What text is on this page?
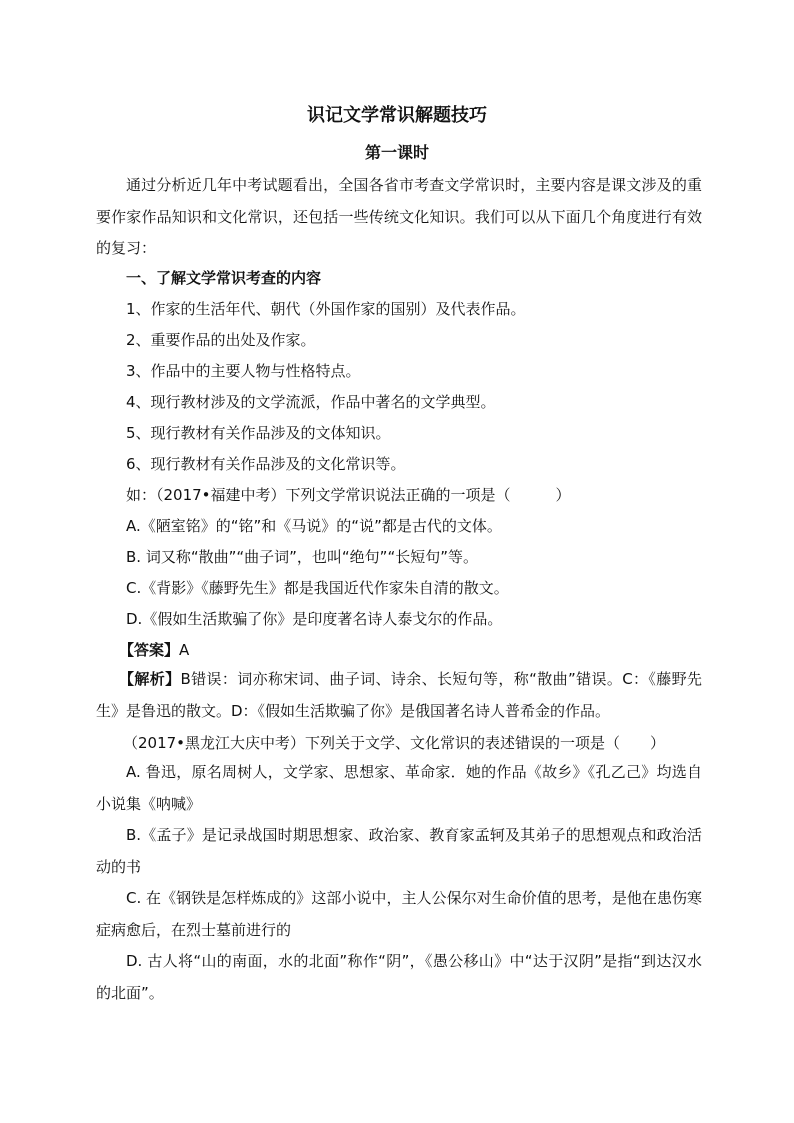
识记文学常识解题技巧
第一课时
通过分析近几年中考试题看出，全国各省市考查文学常识时，主要内容是课文涉及的重要作家作品知识和文化常识，还包括一些传统文化知识。我们可以从下面几个角度进行有效的复习：
一、了解文学常识考查的内容
1、作家的生活年代、朝代（外国作家的国别）及代表作品。
2、重要作品的出处及作家。
3、作品中的主要人物与性格特点。
4、现行教材涉及的文学流派，作品中著名的文学典型。
5、现行教材有关作品涉及的文体知识。
6、现行教材有关作品涉及的文化常识等。
如：（2017•福建中考）下列文学常识说法正确的一项是（　　　）
A.《陋室铭》的“铭”和《马说》的“说”都是古代的文体。
B. 词又称“散曲”“曲子词”，也叫“绝句”“长短句”等。
C.《背影》《藤野先生》都是我国近代作家朱自清的散文。
D.《假如生活欺骗了你》是印度著名诗人泰戈尔的作品。
【答案】A
【解析】B错误：词亦称宋词、曲子词、诗余、长短句等，称“散曲”错误。C：《藤野先生》是鲁迅的散文。D：《假如生活欺骗了你》是俄国著名诗人普希金的作品。
（2017•黑龙江大庆中考）下列关于文学、文化常识的表述错误的一项是（　　）
A. 鲁迅，原名周树人，文学家、思想家、革命家．她的作品《故乡》《孔乙己》均选自小说集《呐喊》
B.《孟子》是记录战国时期思想家、政治家、教育家孟轲及其弟子的思想观点和政治活动的书
C. 在《钢铁是怎样炼成的》这部小说中，主人公保尔对生命价值的思考，是他在患伤寒症病愈后，在烈士墓前进行的
D. 古人将“山的南面，水的北面”称作“阴”，《愚公移山》中“达于汉阴”是指“到达汉水的北面”。
